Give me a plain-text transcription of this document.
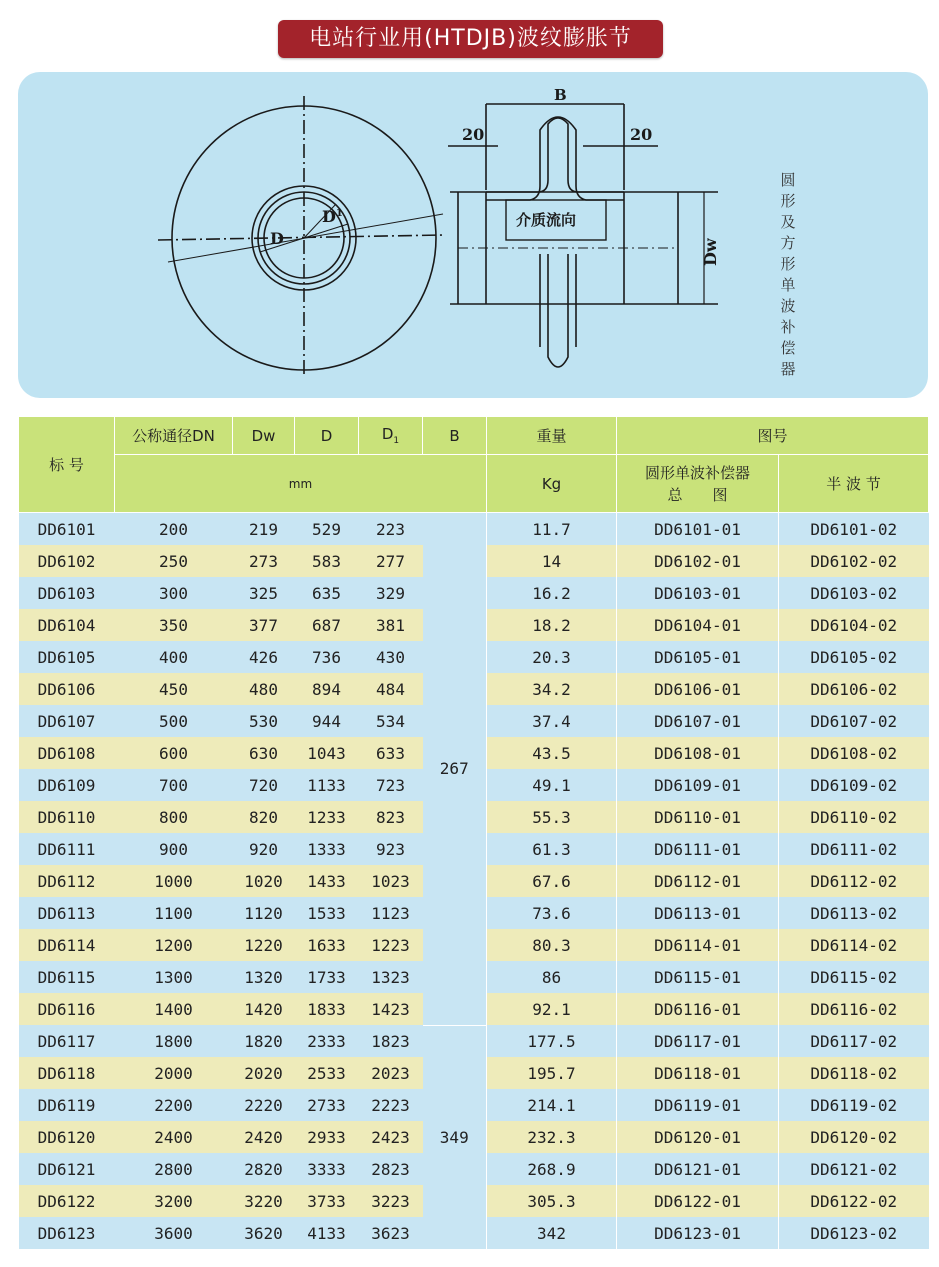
电站行业用(HTDJB)波纹膨胀节
B
20	20
D
$D^1$
Dw
介质流向
圆形及方形单波补偿器
标 号	公称通径DN	Dw	D	$D_1$	B	重量	图号	
	mm					Kg	圆形单波补偿器
总　　图	半 波 节
DD6101	200	219	529	223	267	11.7	DD6101-01	DD6101-02
DD6102	250	273	583	277		14	DD6102-01	DD6102-02
DD6103	300	325	635	329		16.2	DD6103-01	DD6103-02
DD6104	350	377	687	381		18.2	DD6104-01	DD6104-02
DD6105	400	426	736	430		20.3	DD6105-01	DD6105-02
DD6106	450	480	894	484		34.2	DD6106-01	DD6106-02
DD6107	500	530	944	534		37.4	DD6107-01	DD6107-02
DD6108	600	630	1043	633		43.5	DD6108-01	DD6108-02
DD6109	700	720	1133	723		49.1	DD6109-01	DD6109-02
DD6110	800	820	1233	823		55.3	DD6110-01	DD6110-02
DD6111	900	920	1333	923		61.3	DD6111-01	DD6111-02
DD6112	1000	1020	1433	1023		67.6	DD6112-01	DD6112-02
DD6113	1100	1120	1533	1123		73.6	DD6113-01	DD6113-02
DD6114	1200	1220	1633	1223		80.3	DD6114-01	DD6114-02
DD6115	1300	1320	1733	1323		86	DD6115-01	DD6115-02
DD6116	1400	1420	1833	1423		92.1	DD6116-01	DD6116-02
DD6117	1800	1820	2333	1823	349	177.5	DD6117-01	DD6117-02
DD6118	2000	2020	2533	2023		195.7	DD6118-01	DD6118-02
DD6119	2200	2220	2733	2223		214.1	DD6119-01	DD6119-02
DD6120	2400	2420	2933	2423		232.3	DD6120-01	DD6120-02
DD6121	2800	2820	3333	2823		268.9	DD6121-01	DD6121-02
DD6122	3200	3220	3733	3223		305.3	DD6122-01	DD6122-02
DD6123	3600	3620	4133	3623		342	DD6123-01	DD6123-02
